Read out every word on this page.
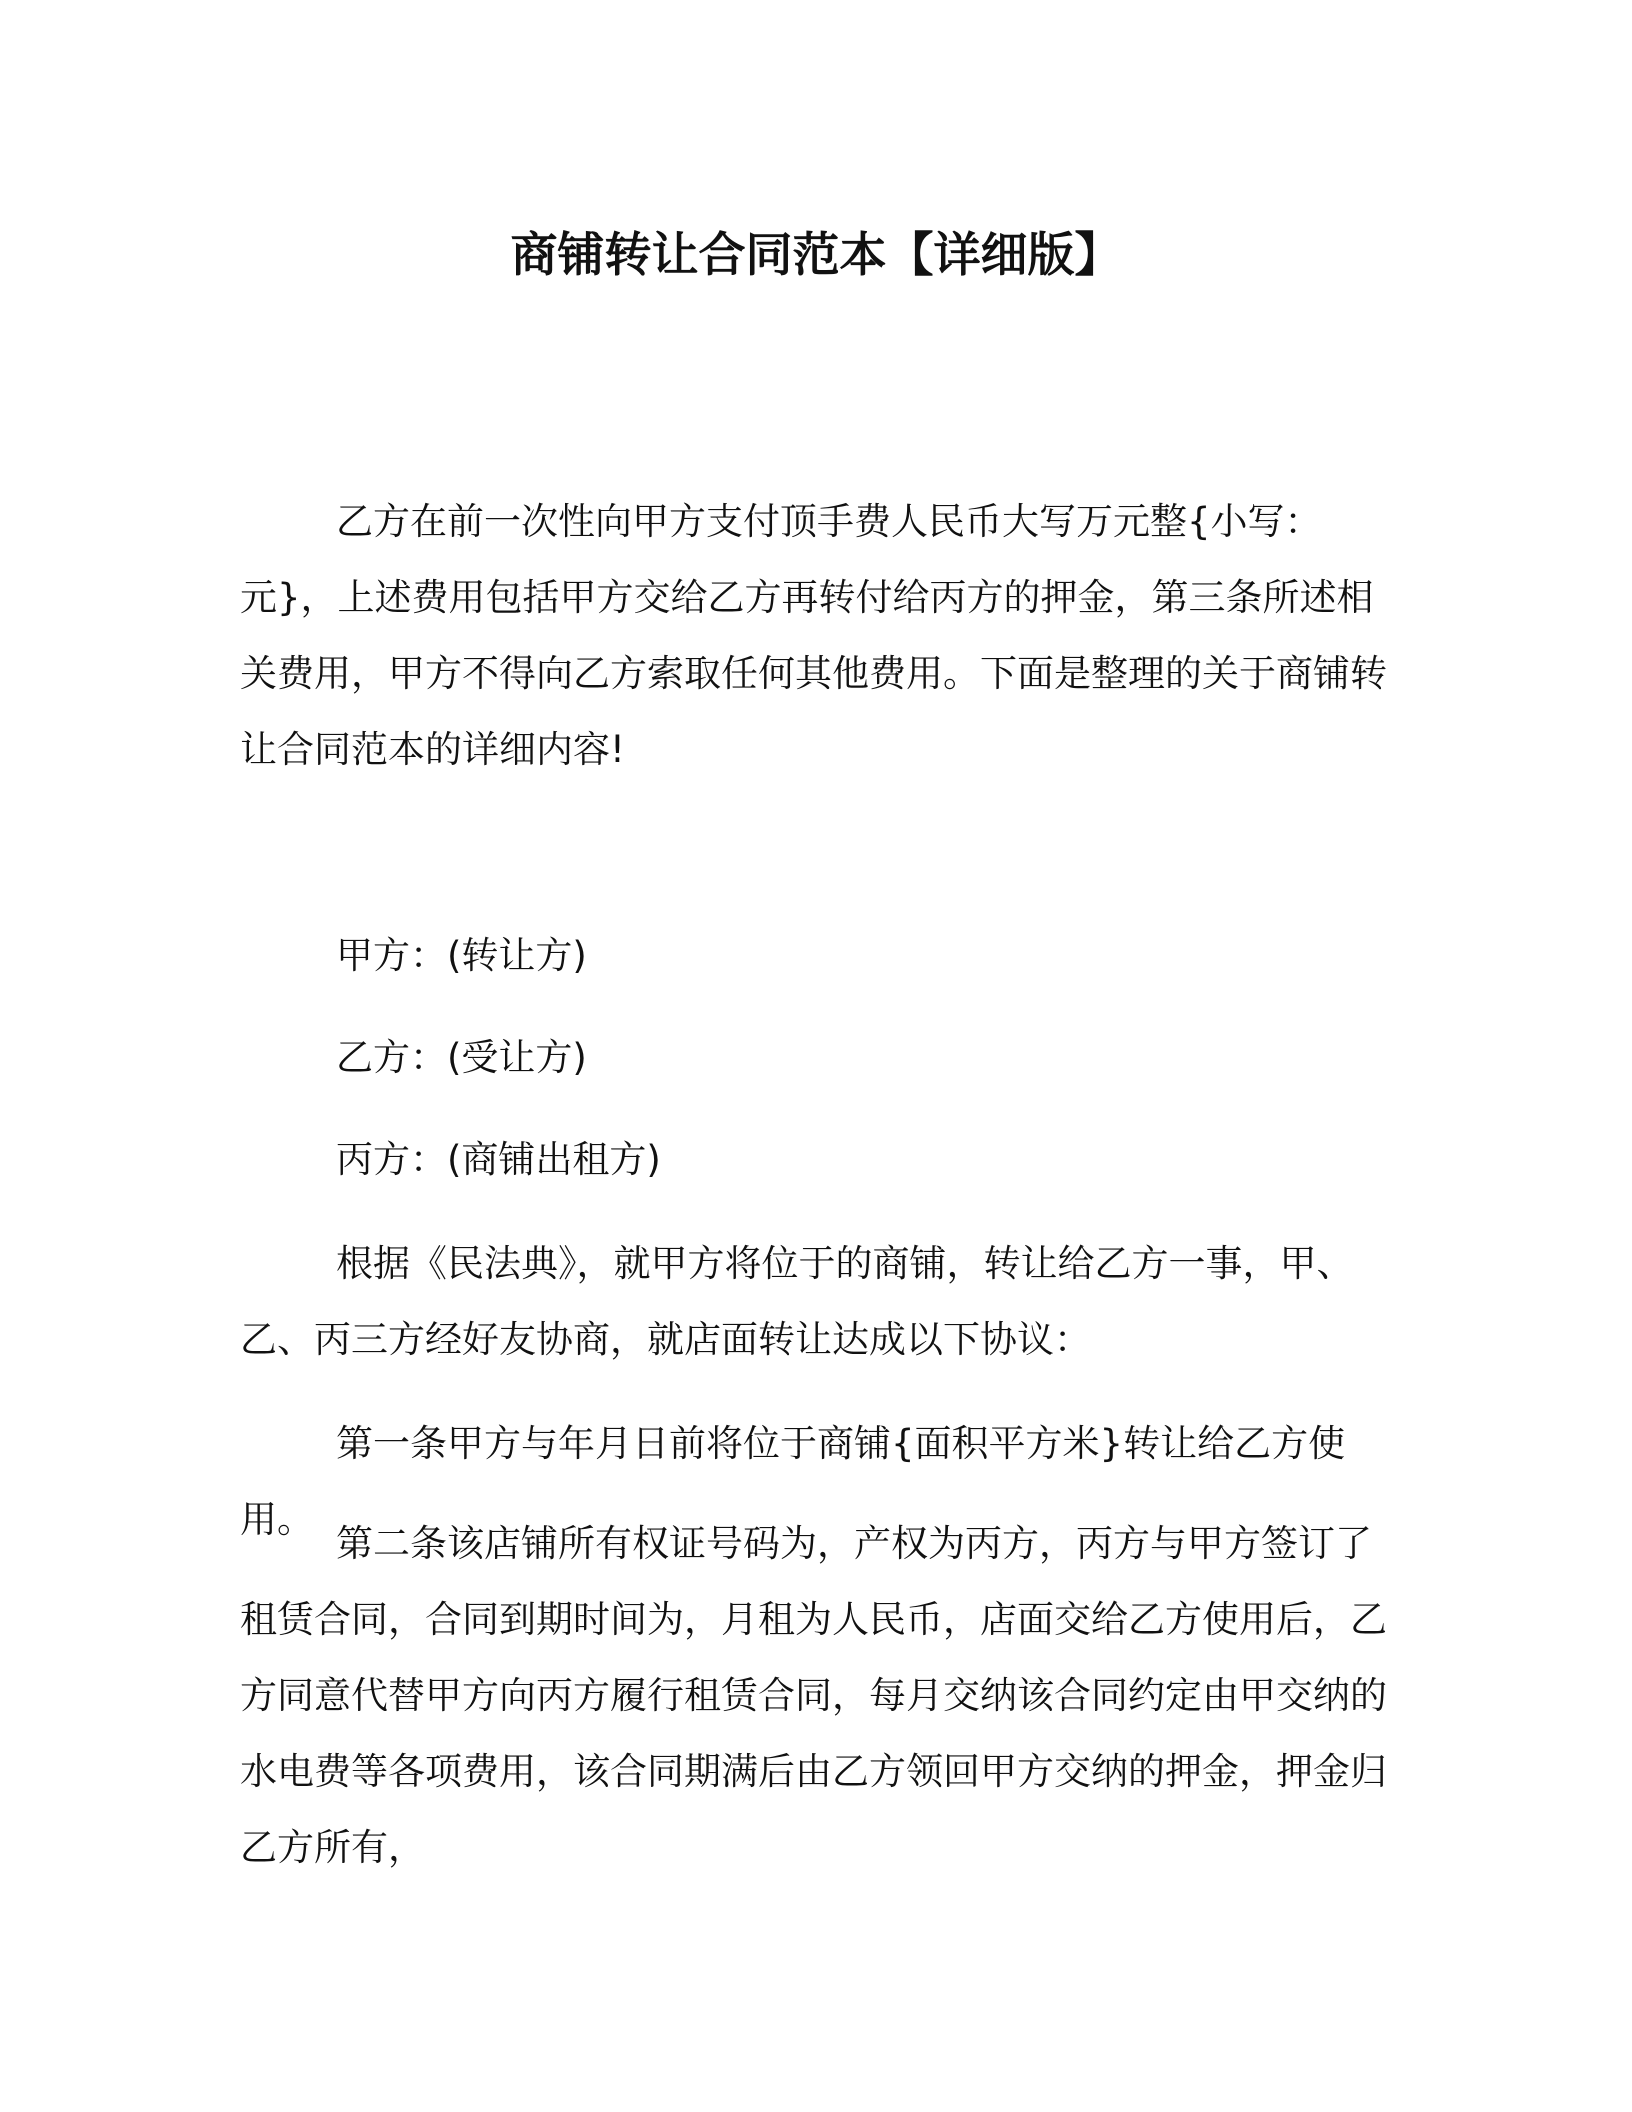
商铺转让合同范本【详细版】

乙方在前一次性向甲方支付顶手费人民币大写万元整{小写：元}，上述费用包括甲方交给乙方再转付给丙方的押金，第三条所述相关费用，甲方不得向乙方索取任何其他费用。下面是整理的关于商铺转让合同范本的详细内容!

甲方：(转让方)

乙方：(受让方)

丙方：(商铺出租方)

根据《民法典》，就甲方将位于的商铺，转让给乙方一事，甲、乙、丙三方经好友协商，就店面转让达成以下协议：

第一条甲方与年月日前将位于商铺{面积平方米}转让给乙方使用。

第二条该店铺所有权证号码为，产权为丙方，丙方与甲方签订了租赁合同，合同到期时间为，月租为人民币，店面交给乙方使用后，乙方同意代替甲方向丙方履行租赁合同，每月交纳该合同约定由甲交纳的水电费等各项费用，该合同期满后由乙方领回甲方交纳的押金，押金归乙方所有，
